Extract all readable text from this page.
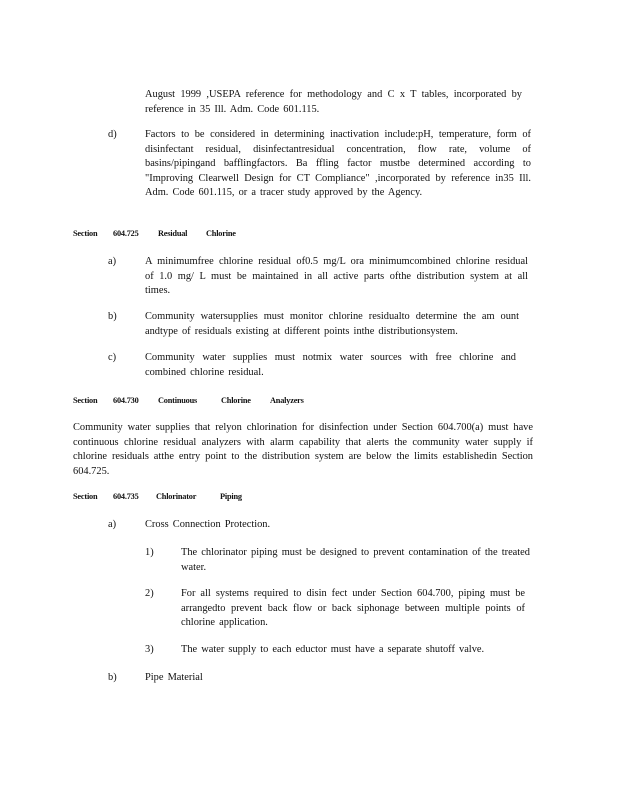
August 1999 ,USEPA reference for methodology and C x T tables, incorporated by reference in 35 Ill. Adm. Code 601.115.
d)	Factors to be considered in determining inactivation include:pH, temperature, form of disinfectant residual, disinfectantresidual concentration, flow rate, volume of basins/pipingand bafflingfactors. Ba ffling factor mustbe determined according to "Improving Clearwell Design for CT Compliance" ,incorporated by reference in35 Ill. Adm. Code 601.115, or a tracer study approved by the Agency.
Section 604.725 Residual Chlorine
a)	A minimumfree chlorine residual of0.5 mg/L ora minimumcombined chlorine residual of 1.0 mg/ L must be maintained in all active parts ofthe distribution system at all times.
b)	Community watersupplies must monitor chlorine residualto determine the am ount andtype of residuals existing at different points inthe distributionsystem.
c)	Community water supplies must notmix water sources with free chlorine and combined chlorine residual.
Section 604.730 Continuous	Chlorine Analyzers
Community water supplies that relyon chlorination for disinfection under Section 604.700(a) must have continuous chlorine residual analyzers with alarm capability that alerts the community water supply if chlorine residuals atthe entry point to the distribution system are below the limits establishedin Section 604.725.
Section 604.735 Chlorinator	Piping
a)	Cross Connection Protection.
1)	The chlorinator piping must be designed to prevent contamination of the treated water.
2)	For all systems required to disin fect under Section 604.700, piping must be arrangedto prevent back flow or back siphonage between multiple points of chlorine application.
3)	The water supply to each eductor must have a separate shutoff valve.
b)	Pipe Material
